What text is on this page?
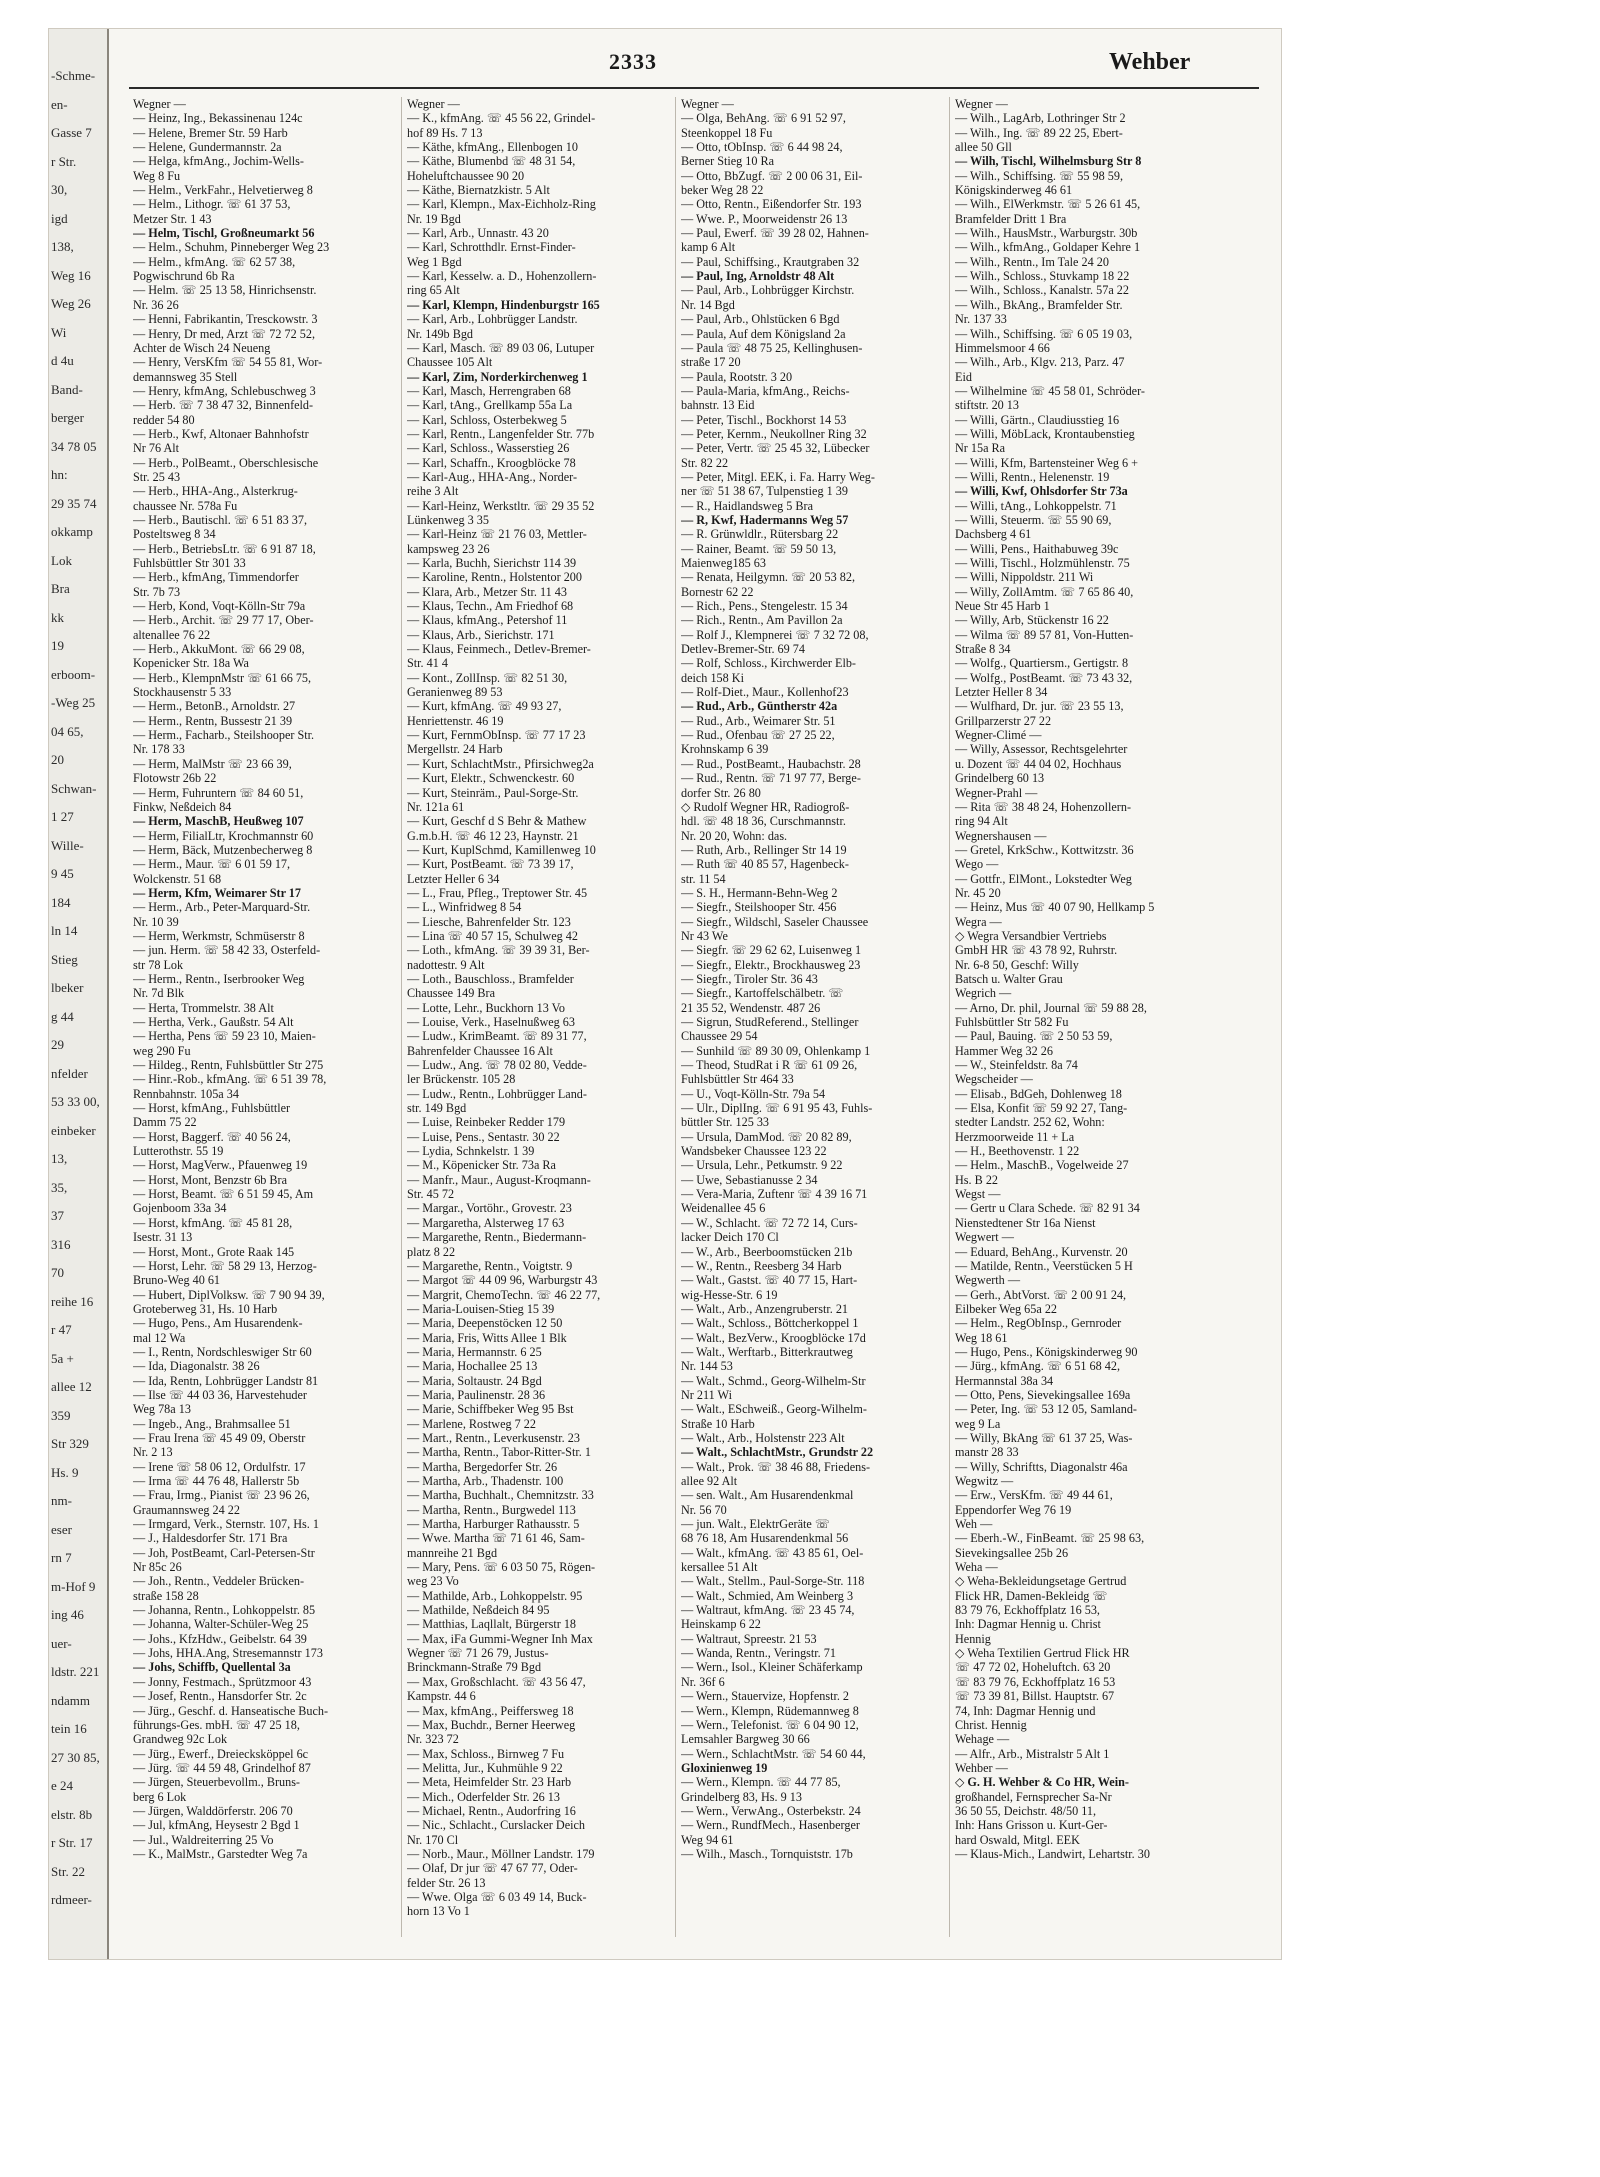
-Schme-
en-
Gasse 7
r Str.
30,
igd
138,
Weg 16
Weg 26
Wi
d 4u
Band-
berger
34 78 05
hn:
29 35 74
okkamp
Lok
Bra
kk
19
erboom-
-Weg 25
04 65,
20
Schwan-
1 27
Wille-
9 45
184
ln 14
Stieg
lbeker
g 44
29
nfelder
53 33 00,
einbeker
13,
35,
37
316
70
reihe 16
r 47
5a +
allee 12
359
Str 329
Hs. 9
nm-
eser
rn 7
m-Hof 9
ing 46
uer-
ldstr. 221
ndamm
tein 16
27 30 85,
e 24
elstr. 8b
r Str. 17
Str. 22
rdmeer-
2333	Wehber
Wegner —
— Heinz, Ing., Bekassinenau 124c
— Helene, Bremer Str. 59 Harb
— Helene, Gundermannstr. 2a
— Helga, kfmAng., Jochim-Wells-
Weg 8 Fu
— Helm., VerkFahr., Helvetierweg 8
— Helm., Lithogr. ☏ 61 37 53,
Metzer Str. 1 43
— Helm, Tischl, Großneumarkt 56
— Helm., Schuhm, Pinneberger Weg 23
— Helm., kfmAng. ☏ 62 57 38,
Pogwischrund 6b Ra
— Helm. ☏ 25 13 58, Hinrichsenstr.
Nr. 36 26
— Henni, Fabrikantin, Tresckowstr. 3
— Henry, Dr med, Arzt ☏ 72 72 52,
Achter de Wisch 24 Neueng
— Henry, VersKfm ☏ 54 55 81, Wor-
demannsweg 35 Stell
— Henry, kfmAng, Schlebuschweg 3
— Herb. ☏ 7 38 47 32, Binnenfeld-
redder 54 80
— Herb., Kwf, Altonaer Bahnhofstr
Nr 76 Alt
— Herb., PolBeamt., Oberschlesische
Str. 25 43
— Herb., HHA-Ang., Alsterkrug-
chaussee Nr. 578a Fu
— Herb., Bautischl. ☏ 6 51 83 37,
Posteltsweg 8 34
— Herb., BetriebsLtr. ☏ 6 91 87 18,
Fuhlsbüttler Str 301 33
— Herb., kfmAng, Timmendorfer
Str. 7b 73
— Herb, Kond, Voqt-Kölln-Str 79a
— Herb., Archit. ☏ 29 77 17, Ober-
altenallee 76 22
— Herb., AkkuMont. ☏ 66 29 08,
Kopenicker Str. 18a Wa
— Herb., KlempnMstr ☏ 61 66 75,
Stockhausenstr 5 33
— Herm., BetonB., Arnoldstr. 27
— Herm., Rentn, Bussestr 21 39
— Herm., Facharb., Steilshooper Str.
Nr. 178 33
— Herm, MalMstr ☏ 23 66 39,
Flotowstr 26b 22
— Herm, Fuhruntern ☏ 84 60 51,
Finkw, Neßdeich 84
— Herm, MaschB, Heußweg 107
— Herm, FilialLtr, Krochmannstr 60
— Herm, Bäck, Mutzenbecherweg 8
— Herm., Maur. ☏ 6 01 59 17,
Wolckenstr. 51 68
— Herm, Kfm, Weimarer Str 17
— Herm., Arb., Peter-Marquard-Str.
Nr. 10 39
— Herm, Werkmstr, Schmüserstr 8
— jun. Herm. ☏ 58 42 33, Osterfeld-
str 78 Lok
— Herm., Rentn., Iserbrooker Weg
Nr. 7d Blk
— Herta, Trommelstr. 38 Alt
— Hertha, Verk., Gaußstr. 54 Alt
— Hertha, Pens ☏ 59 23 10, Maien-
weg 290 Fu
— Hildeg., Rentn, Fuhlsbüttler Str 275
— Hinr.-Rob., kfmAng. ☏ 6 51 39 78,
Rennbahnstr. 105a 34
— Horst, kfmAng., Fuhlsbüttler
Damm 75 22
— Horst, Baggerf. ☏ 40 56 24,
Lutterothstr. 55 19
— Horst, MagVerw., Pfauenweg 19
— Horst, Mont, Benzstr 6b Bra
— Horst, Beamt. ☏ 6 51 59 45, Am
Gojenboom 33a 34
— Horst, kfmAng. ☏ 45 81 28,
Isestr. 31 13
— Horst, Mont., Grote Raak 145
— Horst, Lehr. ☏ 58 29 13, Herzog-
Bruno-Weg 40 61
— Hubert, DiplVolksw. ☏ 7 90 94 39,
Groteberweg 31, Hs. 10 Harb
— Hugo, Pens., Am Husarendenk-
mal 12 Wa
— I., Rentn, Nordschleswiger Str 60
— Ida, Diagonalstr. 38 26
— Ida, Rentn, Lohbrügger Landstr 81
— Ilse ☏ 44 03 36, Harvestehuder
Weg 78a 13
— Ingeb., Ang., Brahmsallee 51
— Frau Irena ☏ 45 49 09, Oberstr
Nr. 2 13
— Irene ☏ 58 06 12, Ordulfstr. 17
— Irma ☏ 44 76 48, Hallerstr 5b
— Frau, Irmg., Pianist ☏ 23 96 26,
Graumannsweg 24 22
— Irmgard, Verk., Sternstr. 107, Hs. 1
— J., Haldesdorfer Str. 171 Bra
— Joh, PostBeamt, Carl-Petersen-Str
Nr 85c 26
— Joh., Rentn., Veddeler Brücken-
straße 158 28
— Johanna, Rentn., Lohkoppelstr. 85
— Johanna, Walter-Schüler-Weg 25
— Johs., KfzHdw., Geibelstr. 64 39
— Johs, HHA.Ang, Stresemannstr 173
— Johs, Schiffb, Quellental 3a
— Jonny, Festmach., Sprützmoor 43
— Josef, Rentn., Hansdorfer Str. 2c
— Jürg., Geschf. d. Hanseatische Buch-
führungs-Ges. mbH. ☏ 47 25 18,
Grandweg 92c Lok
— Jürg., Ewerf., Dreiecksköppel 6c
— Jürg. ☏ 44 59 48, Grindelhof 87
— Jürgen, Steuerbevollm., Bruns-
berg 6 Lok
— Jürgen, Walddörferstr. 206 70
— Jul, kfmAng, Heysestr 2 Bgd 1
— Jul., Waldreiterring 25 Vo
— K., MalMstr., Garstedter Weg 7a
Wegner —
— K., kfmAng. ☏ 45 56 22, Grindel-
hof 89 Hs. 7 13
— Käthe, kfmAng., Ellenbogen 10
— Käthe, Blumenbd ☏ 48 31 54,
Hoheluftchaussee 90 20
— Käthe, Biernatzkistr. 5 Alt
— Karl, Klempn., Max-Eichholz-Ring
Nr. 19 Bgd
— Karl, Arb., Unnastr. 43 20
— Karl, Schrotthdlr. Ernst-Finder-
Weg 1 Bgd
— Karl, Kesselw. a. D., Hohenzollern-
ring 65 Alt
— Karl, Klempn, Hindenburgstr 165
— Karl, Arb., Lohbrügger Landstr.
Nr. 149b Bgd
— Karl, Masch. ☏ 89 03 06, Lutuper
Chaussee 105 Alt
— Karl, Zim, Norderkirchenweg 1
— Karl, Masch, Herrengraben 68
— Karl, tAng., Grellkamp 55a La
— Karl, Schloss, Osterbekweg 5
— Karl, Rentn., Langenfelder Str. 77b
— Karl, Schloss., Wasserstieg 26
— Karl, Schaffn., Kroogblöcke 78
— Karl-Aug., HHA-Ang., Norder-
reihe 3 Alt
— Karl-Heinz, Werkstltr. ☏ 29 35 52
Lünkenweg 3 35
— Karl-Heinz ☏ 21 76 03, Mettler-
kampsweg 23 26
— Karla, Buchh, Sierichstr 114 39
— Karoline, Rentn., Holstentor 200
— Klara, Arb., Metzer Str. 11 43
— Klaus, Techn., Am Friedhof 68
— Klaus, kfmAng., Petershof 11
— Klaus, Arb., Sierichstr. 171
— Klaus, Feinmech., Detlev-Bremer-
Str. 41 4
— Kont., ZollInsp. ☏ 82 51 30,
Geranienweg 89 53
— Kurt, kfmAng. ☏ 49 93 27,
Henriettenstr. 46 19
— Kurt, FernmObInsp. ☏ 77 17 23
Mergellstr. 24 Harb
— Kurt, SchlachtMstr., Pfirsichweg2a
— Kurt, Elektr., Schwenckestr. 60
— Kurt, Steinräm., Paul-Sorge-Str.
Nr. 121a 61
— Kurt, Geschf d S Behr & Mathew
G.m.b.H. ☏ 46 12 23, Haynstr. 21
— Kurt, KuplSchmd, Kamillenweg 10
— Kurt, PostBeamt. ☏ 73 39 17,
Letzter Heller 6 34
— L., Frau, Pfleg., Treptower Str. 45
— L., Winfridweg 8 54
— Liesche, Bahrenfelder Str. 123
— Lina ☏ 40 57 15, Schulweg 42
— Loth., kfmAng. ☏ 39 39 31, Ber-
nadottestr. 9 Alt
— Loth., Bauschloss., Bramfelder
Chaussee 149 Bra
— Lotte, Lehr., Buckhorn 13 Vo
— Louise, Verk., Haselnußweg 63
— Ludw., KrimBeamt. ☏ 89 31 77,
Bahrenfelder Chaussee 16 Alt
— Ludw., Ang. ☏ 78 02 80, Vedde-
ler Brückenstr. 105 28
— Ludw., Rentn., Lohbrügger Land-
str. 149 Bgd
— Luise, Reinbeker Redder 179
— Luise, Pens., Sentastr. 30 22
— Lydia, Schnkelstr. 1 39
— M., Köpenicker Str. 73a Ra
— Manfr., Maur., August-Kroqmann-
Str. 45 72
— Margar., Vortöhr., Grovestr. 23
— Margaretha, Alsterweg 17 63
— Margarethe, Rentn., Biedermann-
platz 8 22
— Margarethe, Rentn., Voigtstr. 9
— Margot ☏ 44 09 96, Warburgstr 43
— Margrit, ChemoTechn. ☏ 46 22 77,
— Maria-Louisen-Stieg 15 39
— Maria, Deepenstöcken 12 50
— Maria, Fris, Witts Allee 1 Blk
— Maria, Hermannstr. 6 25
— Maria, Hochallee 25 13
— Maria, Soltaustr. 24 Bgd
— Maria, Paulinenstr. 28 36
— Marie, Schiffbeker Weg 95 Bst
— Marlene, Rostweg 7 22
— Mart., Rentn., Leverkusenstr. 23
— Martha, Rentn., Tabor-Ritter-Str. 1
— Martha, Bergedorfer Str. 26
— Martha, Arb., Thadenstr. 100
— Martha, Buchhalt., Chemnitzstr. 33
— Martha, Rentn., Burgwedel 113
— Martha, Harburger Rathausstr. 5
— Wwe. Martha ☏ 71 61 46, Sam-
mannreihe 21 Bgd
— Mary, Pens. ☏ 6 03 50 75, Rögen-
weg 23 Vo
— Mathilde, Arb., Lohkoppelstr. 95
— Mathilde, Neßdeich 84 95
— Matthias, Laqllalt, Bürgerstr 18
— Max, iFa Gummi-Wegner Inh Max
Wegner ☏ 71 26 79, Justus-
Brinckmann-Straße 79 Bgd
— Max, Großschlacht. ☏ 43 56 47,
Kampstr. 44 6
— Max, kfmAng., Peiffersweg 18
— Max, Buchdr., Berner Heerweg
Nr. 323 72
— Max, Schloss., Birnweg 7 Fu
— Melitta, Jur., Kuhmühle 9 22
— Meta, Heimfelder Str. 23 Harb
— Mich., Oderfelder Str. 26 13
— Michael, Rentn., Audorfring 16
— Nic., Schlacht., Curslacker Deich
Nr. 170 Cl
— Norb., Maur., Möllner Landstr. 179
— Olaf, Dr jur ☏ 47 67 77, Oder-
felder Str. 26 13
— Wwe. Olga ☏ 6 03 49 14, Buck-
horn 13 Vo 1
Wegner —
— Olga, BehAng. ☏ 6 91 52 97,
Steenkoppel 18 Fu
— Otto, tObInsp. ☏ 6 44 98 24,
Berner Stieg 10 Ra
— Otto, BbZugf. ☏ 2 00 06 31, Eil-
beker Weg 28 22
— Otto, Rentn., Eißendorfer Str. 193
— Wwe. P., Moorweidenstr 26 13
— Paul, Ewerf. ☏ 39 28 02, Hahnen-
kamp 6 Alt
— Paul, Schiffsing., Krautgraben 32
— Paul, Ing, Arnoldstr 48 Alt
— Paul, Arb., Lohbrügger Kirchstr.
Nr. 14 Bgd
— Paul, Arb., Ohlstücken 6 Bgd
— Paula, Auf dem Königsland 2a
— Paula ☏ 48 75 25, Kellinghusen-
straße 17 20
— Paula, Rootstr. 3 20
— Paula-Maria, kfmAng., Reichs-
bahnstr. 13 Eid
— Peter, Tischl., Bockhorst 14 53
— Peter, Kernm., Neukollner Ring 32
— Peter, Vertr. ☏ 25 45 32, Lübecker
Str. 82 22
— Peter, Mitgl. EEK, i. Fa. Harry Weg-
ner ☏ 51 38 67, Tulpenstieg 1 39
— R., Haidlandsweg 5 Bra
— R, Kwf, Hadermanns Weg 57
— R. Grünwldlr., Rütersbarg 22
— Rainer, Beamt. ☏ 59 50 13,
Maienweg185 63
— Renata, Heilgymn. ☏ 20 53 82,
Bornestr 62 22
— Rich., Pens., Stengelestr. 15 34
— Rich., Rentn., Am Pavillon 2a
— Rolf J., Klempnerei ☏ 7 32 72 08,
Detlev-Bremer-Str. 69 74
— Rolf, Schloss., Kirchwerder Elb-
deich 158 Ki
— Rolf-Diet., Maur., Kollenhof23
— Rud., Arb., Güntherstr 42a
— Rud., Arb., Weimarer Str. 51
— Rud., Ofenbau ☏ 27 25 22,
Krohnskamp 6 39
— Rud., PostBeamt., Haubachstr. 28
— Rud., Rentn. ☏ 71 97 77, Berge-
dorfer Str. 26 80
◇ Rudolf Wegner HR, Radiogroß-
hdl. ☏ 48 18 36, Curschmannstr.
Nr. 20 20, Wohn: das.
— Ruth, Arb., Rellinger Str 14 19
— Ruth ☏ 40 85 57, Hagenbeck-
str. 11 54
— S. H., Hermann-Behn-Weg 2
— Siegfr., Steilshooper Str. 456
— Siegfr., Wildschl, Saseler Chaussee
Nr 43 We
— Siegfr. ☏ 29 62 62, Luisenweg 1
— Siegfr., Elektr., Brockhausweg 23
— Siegfr., Tiroler Str. 36 43
— Siegfr., Kartoffelschälbetr. ☏
21 35 52, Wendenstr. 487 26
— Sigrun, StudReferend., Stellinger
Chaussee 29 54
— Sunhild ☏ 89 30 09, Ohlenkamp 1
— Theod, StudRat i R ☏ 61 09 26,
Fuhlsbüttler Str 464 33
— U., Voqt-Kölln-Str. 79a 54
— Ulr., DiplIng. ☏ 6 91 95 43, Fuhls-
büttler Str. 125 33
— Ursula, DamMod. ☏ 20 82 89,
Wandsbeker Chaussee 123 22
— Ursula, Lehr., Petkumstr. 9 22
— Uwe, Sebastianusse 2 34
— Vera-Maria, Zuftenr ☏ 4 39 16 71
Weidenallee 45 6
— W., Schlacht. ☏ 72 72 14, Curs-
lacker Deich 170 Cl
— W., Arb., Beerboomstücken 21b
— W., Rentn., Reesberg 34 Harb
— Walt., Gastst. ☏ 40 77 15, Hart-
wig-Hesse-Str. 6 19
— Walt., Arb., Anzengruberstr. 21
— Walt., Schloss., Böttcherkoppel 1
— Walt., BezVerw., Kroogblöcke 17d
— Walt., Werftarb., Bitterkrautweg
Nr. 144 53
— Walt., Schmd., Georg-Wilhelm-Str
Nr 211 Wi
— Walt., ESchweiß., Georg-Wilhelm-
Straße 10 Harb
— Walt., Arb., Holstenstr 223 Alt
— Walt., SchlachtMstr., Grundstr 22
— Walt., Prok. ☏ 38 46 88, Friedens-
allee 92 Alt
— sen. Walt., Am Husarendenkmal
Nr. 56 70
— jun. Walt., ElektrGeräte ☏
68 76 18, Am Husarendenkmal 56
— Walt., kfmAng. ☏ 43 85 61, Oel-
kersallee 51 Alt
— Walt., Stellm., Paul-Sorge-Str. 118
— Walt., Schmied, Am Weinberg 3
— Waltraut, kfmAng. ☏ 23 45 74,
Heinskamp 6 22
— Waltraut, Spreestr. 21 53
— Wanda, Rentn., Veringstr. 71
— Wern., Isol., Kleiner Schäferkamp
Nr. 36f 6
— Wern., Stauervize, Hopfenstr. 2
— Wern., Klempn, Rüdemannweg 8
— Wern., Telefonist. ☏ 6 04 90 12,
Lemsahler Bargweg 30 66
— Wern., SchlachtMstr. ☏ 54 60 44,
Gloxinienweg 19
— Wern., Klempn. ☏ 44 77 85,
Grindelberg 83, Hs. 9 13
— Wern., VerwAng., Osterbekstr. 24
— Wern., RundfMech., Hasenberger
Weg 94 61
— Wilh., Masch., Tornquiststr. 17b
Wegner —
— Wilh., LagArb, Lothringer Str 2
— Wilh., Ing. ☏ 89 22 25, Ebert-
allee 50 Gll
— Wilh, Tischl, Wilhelmsburg Str 8
— Wilh., Schiffsing. ☏ 55 98 59,
Königskinderweg 46 61
— Wilh., ElWerkmstr. ☏ 5 26 61 45,
Bramfelder Dritt 1 Bra
— Wilh., HausMstr., Warburgstr. 30b
— Wilh., kfmAng., Goldaper Kehre 1
— Wilh., Rentn., Im Tale 24 20
— Wilh., Schloss., Stuvkamp 18 22
— Wilh., Schloss., Kanalstr. 57a 22
— Wilh., BkAng., Bramfelder Str.
Nr. 137 33
— Wilh., Schiffsing. ☏ 6 05 19 03,
Himmelsmoor 4 66
— Wilh., Arb., Klgv. 213, Parz. 47
Eid
— Wilhelmine ☏ 45 58 01, Schröder-
stiftstr. 20 13
— Willi, Gärtn., Claudiusstieg 16
— Willi, MöbLack, Krontaubenstieg
Nr 15a Ra
— Willi, Kfm, Bartensteiner Weg 6 +
— Willi, Rentn., Helenenstr. 19
— Willi, Kwf, Ohlsdorfer Str 73a
— Willi, tAng., Lohkoppelstr. 71
— Willi, Steuerm. ☏ 55 90 69,
Dachsberg 4 61
— Willi, Pens., Haithabuweg 39c
— Willi, Tischl., Holzmühlenstr. 75
— Willi, Nippoldstr. 211 Wi
— Willy, ZollAmtm. ☏ 7 65 86 40,
Neue Str 45 Harb 1
— Willy, Arb, Stückenstr 16 22
— Wilma ☏ 89 57 81, Von-Hutten-
Straße 8 34
— Wolfg., Quartiersm., Gertigstr. 8
— Wolfg., PostBeamt. ☏ 73 43 32,
Letzter Heller 8 34
— Wulfhard, Dr. jur. ☏ 23 55 13,
Grillparzerstr 27 22
Wegner-Climé —
— Willy, Assessor, Rechtsgelehrter
u. Dozent ☏ 44 04 02, Hochhaus
Grindelberg 60 13
Wegner-Prahl —
— Rita ☏ 38 48 24, Hohenzollern-
ring 94 Alt
Wegnershausen —
— Gretel, KrkSchw., Kottwitzstr. 36
Wego —
— Gottfr., ElMont., Lokstedter Weg
Nr. 45 20
— Heinz, Mus ☏ 40 07 90, Hellkamp 5
Wegra —
◇ Wegra Versandbier Vertriebs
GmbH HR ☏ 43 78 92, Ruhrstr.
Nr. 6-8 50, Geschf: Willy
Batsch u. Walter Grau
Wegrich —
— Arno, Dr. phil, Journal ☏ 59 88 28,
Fuhlsbüttler Str 582 Fu
— Paul, Bauing. ☏ 2 50 53 59,
Hammer Weg 32 26
— W., Steinfeldstr. 8a 74
Wegscheider —
— Elisab., BdGeh, Dohlenweg 18
— Elsa, Konfit ☏ 59 92 27, Tang-
stedter Landstr. 252 62, Wohn:
Herzmoorweide 11 + La
— H., Beethovenstr. 1 22
— Helm., MaschB., Vogelweide 27
Hs. B 22
Wegst —
— Gertr u Clara Schede. ☏ 82 91 34
Nienstedtener Str 16a Nienst
Wegwert —
— Eduard, BehAng., Kurvenstr. 20
— Matilde, Rentn., Veerstücken 5 H
Wegwerth —
— Gerh., AbtVorst. ☏ 2 00 91 24,
Eilbeker Weg 65a 22
— Helm., RegObInsp., Gernroder
Weg 18 61
— Hugo, Pens., Königskinderweg 90
— Jürg., kfmAng. ☏ 6 51 68 42,
Hermannstal 38a 34
— Otto, Pens, Sievekingsallee 169a
— Peter, Ing. ☏ 53 12 05, Samland-
weg 9 La
— Willy, BkAng ☏ 61 37 25, Was-
manstr 28 33
— Willy, Schriftts, Diagonalstr 46a
Wegwitz —
— Erw., VersKfm. ☏ 49 44 61,
Eppendorfer Weg 76 19
Weh —
— Eberh.-W., FinBeamt. ☏ 25 98 63,
Sievekingsallee 25b 26
Weha —
◇ Weha-Bekleidungsetage Gertrud
Flick HR, Damen-Bekleidg ☏
83 79 76, Eckhoffplatz 16 53,
Inh: Dagmar Hennig u. Christ
Hennig
◇ Weha Textilien Gertrud Flick HR
☏ 47 72 02, Hoheluftch. 63 20
☏ 83 79 76, Eckhoffplatz 16 53
☏ 73 39 81, Billst. Hauptstr. 67
74, Inh: Dagmar Hennig und
Christ. Hennig
Wehage —
— Alfr., Arb., Mistralstr 5 Alt 1
Wehber —
◇ G. H. Wehber & Co HR, Wein-
großhandel, Fernsprecher Sa-Nr
36 50 55, Deichstr. 48/50 11,
Inh: Hans Grisson u. Kurt-Ger-
hard Oswald, Mitgl. EEK
— Klaus-Mich., Landwirt, Lehartstr. 30
